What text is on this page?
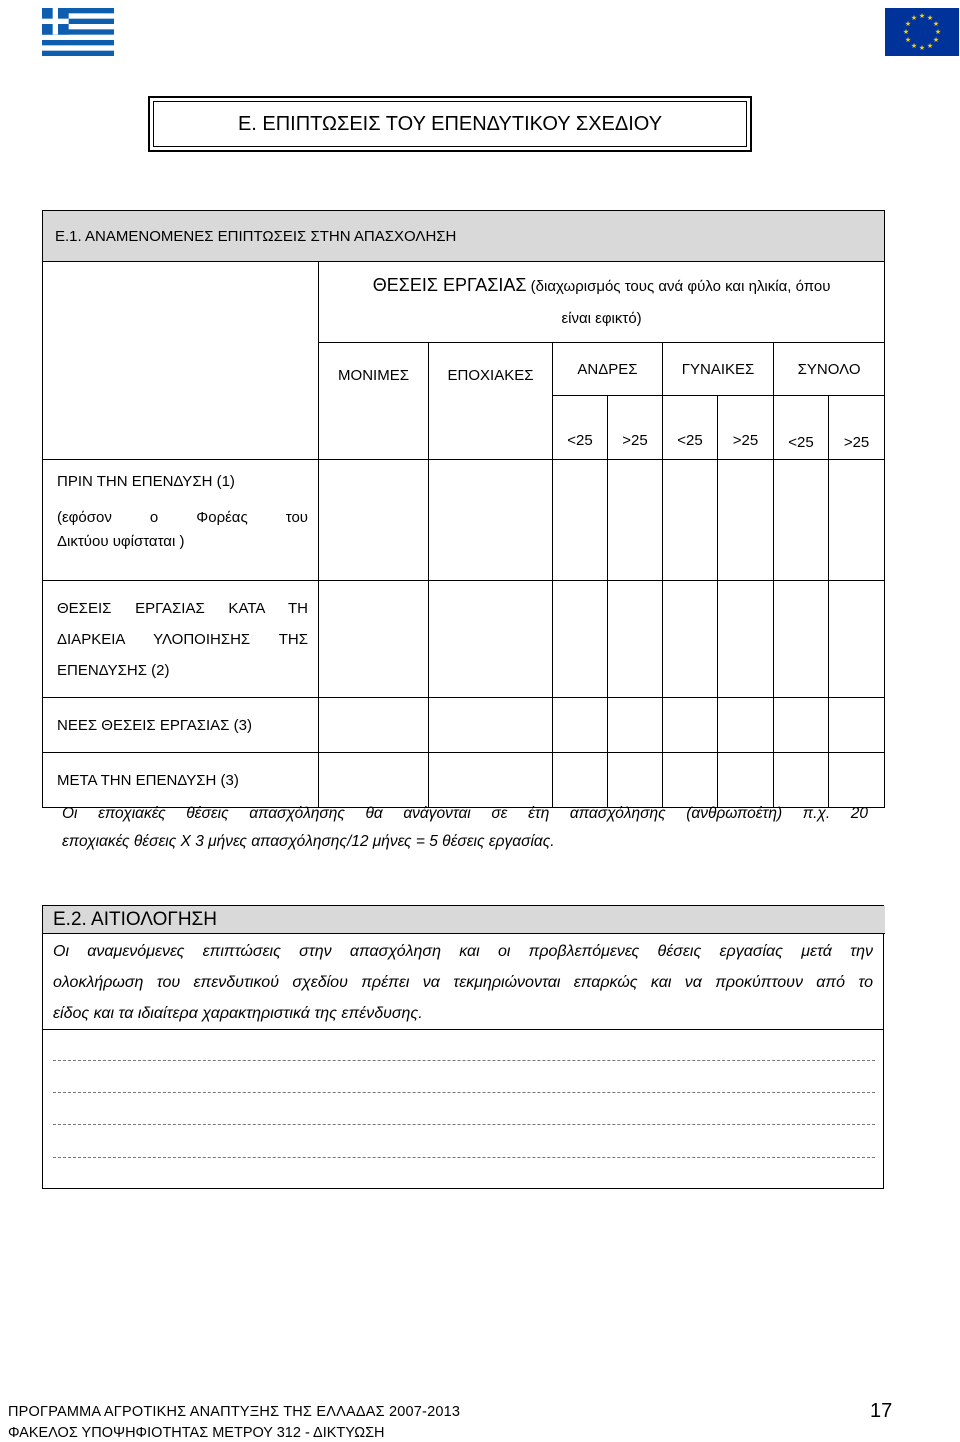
★ ★
★
★
★
★
★
★
★
★
★
★
Ε. ΕΠΙΠΤΩΣΕΙΣ ΤΟΥ ΕΠΕΝΔΥΤΙΚΟΥ ΣΧΕΔΙΟΥ
Ε.1. ΑΝΑΜΕΝΟΜΕΝΕΣ ΕΠΙΠΤΩΣΕΙΣ ΣΤΗΝ ΑΠΑΣΧΟΛΗΣΗ								
	ΘΕΣΕΙΣ ΕΡΓΑΣΙΑΣ (διαχωρισμός τους ανά φύλο και ηλικία, όπου
είναι εφικτό)							
	ΜΟΝΙΜΕΣ	ΕΠΟΧΙΑΚΕΣ	ΑΝΔΡΕΣ		ΓΥΝΑΙΚΕΣ		ΣΥΝΟΛΟ	
			<25	>25	<25	>25	<25	>25
ΠΡΙΝ ΤΗΝ ΕΠΕΝΔΥΣΗ (1)

(εφόσον ο Φορέας του
Δικτύου υφίσταται )								

ΘΕΣΕΙΣ ΕΡΓΑΣΙΑΣ ΚΑΤΑ ΤΗ
ΔΙΑΡΚΕΙΑ ΥΛΟΠΟΙΗΣΗΣ ΤΗΣ
ΕΠΕΝΔΥΣΗΣ (2)								

ΝΕΕΣ ΘΕΣΕΙΣ ΕΡΓΑΣΙΑΣ (3)								
ΜΕΤΑ ΤΗΝ ΕΠΕΝΔΥΣΗ (3)								
Οι εποχιακές θέσεις απασχόλησης θα ανάγονται σε έτη απασχόλησης (ανθρωποέτη) π.χ. 20
εποχιακές θέσεις Χ 3 μήνες απασχόλησης/12 μήνες = 5 θέσεις εργασίας.
Ε.2. ΑΙΤΙΟΛΟΓΗΣΗ
Οι αναμενόμενες επιπτώσεις στην απασχόληση και οι προβλεπόμενες θέσεις εργασίας μετά την
ολοκλήρωση του επενδυτικού σχεδίου πρέπει να τεκμηριώνονται επαρκώς και να προκύπτουν από το
είδος και τα ιδιαίτερα χαρακτηριστικά της επένδυσης.
ΠΡΟΓΡΑΜΜΑ ΑΓΡΟΤΙΚΗΣ ΑΝΑΠΤΥΞΗΣ ΤΗΣ ΕΛΛΑΔΑΣ 2007-2013
ΦΑΚΕΛΟΣ ΥΠΟΨΗΦΙΟΤΗΤΑΣ ΜΕΤΡΟΥ 312 - ΔΙΚΤΥΩΣΗ
17
